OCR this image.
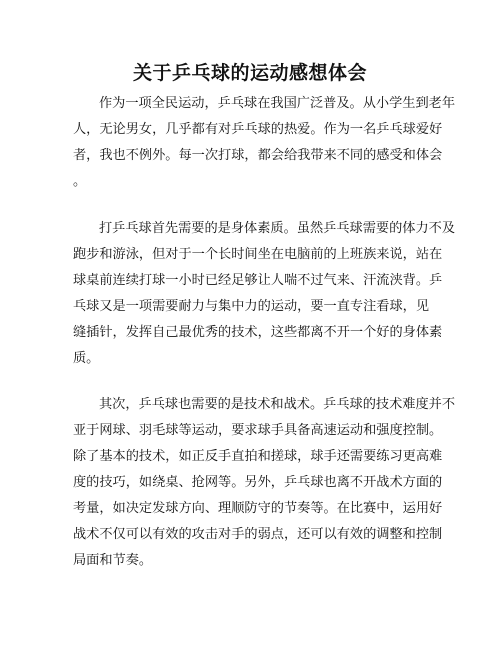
关于乒乓球的运动感想体会
作为一项全民运动，乒乓球在我国广泛普及。从小学生到老年
人，无论男女，几乎都有对乒乓球的热爱。作为一名乒乓球爱好
者，我也不例外。每一次打球，都会给我带来不同的感受和体会
。
打乒乓球首先需要的是身体素质。虽然乒乓球需要的体力不及
跑步和游泳，但对于一个长时间坐在电脑前的上班族来说，站在
球桌前连续打球一小时已经足够让人喘不过气来、汗流浃背。乒
乓球又是一项需要耐力与集中力的运动，要一直专注看球，见
缝插针，发挥自己最优秀的技术，这些都离不开一个好的身体素
质。
其次，乒乓球也需要的是技术和战术。乒乓球的技术难度并不
亚于网球、羽毛球等运动，要求球手具备高速运动和强度控制。
除了基本的技术，如正反手直拍和搓球，球手还需要练习更高难
度的技巧，如绕桌、抢网等。另外，乒乓球也离不开战术方面的
考量，如决定发球方向、理顺防守的节奏等。在比赛中，运用好
战术不仅可以有效的攻击对手的弱点，还可以有效的调整和控制
局面和节奏。
